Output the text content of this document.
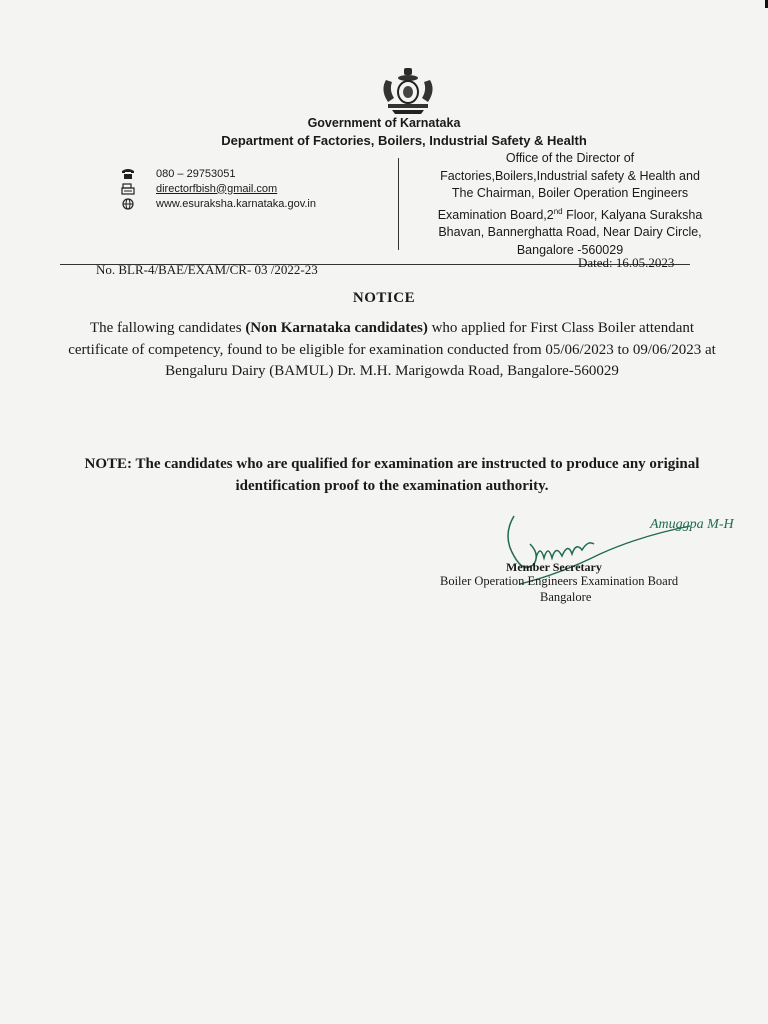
Government of Karnataka
Department of Factories, Boilers, Industrial Safety & Health
080 – 29753051
directorfbish@gmail.com
www.esuraksha.karnataka.gov.in
Office of the Director of
Factories,Boilers,Industrial safety & Health and
The Chairman, Boiler Operation Engineers
Examination Board,2nd Floor, Kalyana Suraksha
Bhavan, Bannerghatta Road, Near Dairy Circle,
Bangalore -560029
No. BLR-4/BAE/EXAM/CR- 03 /2022-23	Dated: 16.05.2023
NOTICE
The fallowing candidates (Non Karnataka candidates) who applied for First Class Boiler attendant certificate of competency, found to be eligible for examination conducted from 05/06/2023 to 09/06/2023 at Bengaluru Dairy (BAMUL) Dr. M.H. Marigowda Road, Bangalore-560029
NOTE: The candidates who are qualified for examination are instructed to produce any original identification proof to the examination authority.
Amuggpa M-H
Member Secretary
Boiler Operation Engineers Examination Board
Bangalore
